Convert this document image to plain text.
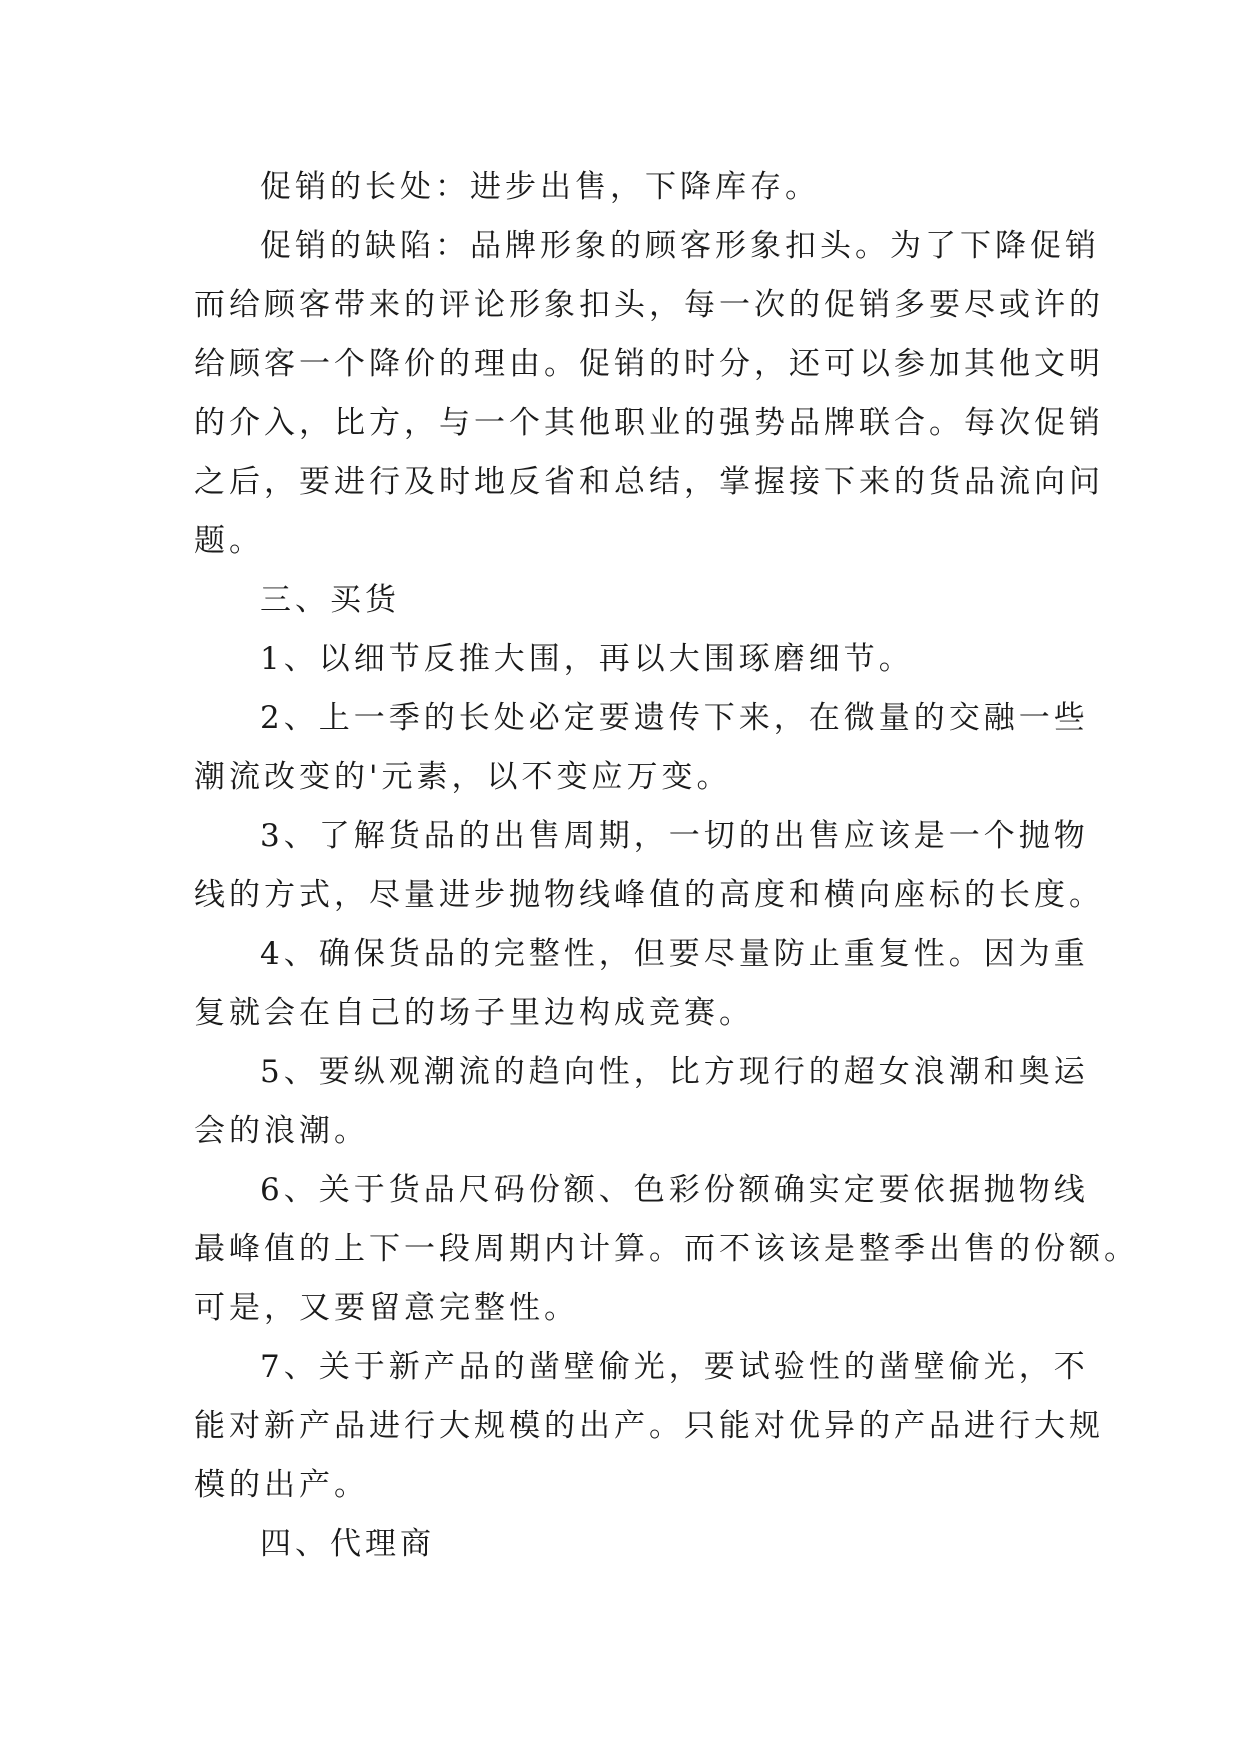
促销的长处：进步出售，下降库存。
促销的缺陷：品牌形象的顾客形象扣头。为了下降促销
而给顾客带来的评论形象扣头，每一次的促销多要尽或许的
给顾客一个降价的理由。促销的时分，还可以参加其他文明
的介入，比方，与一个其他职业的强势品牌联合。每次促销
之后，要进行及时地反省和总结，掌握接下来的货品流向问
题。
三、买货
1、以细节反推大围，再以大围琢磨细节。
2、上一季的长处必定要遗传下来，在微量的交融一些
潮流改变的'元素，以不变应万变。
3、了解货品的出售周期，一切的出售应该是一个抛物
线的方式，尽量进步抛物线峰值的高度和横向座标的长度。
4、确保货品的完整性，但要尽量防止重复性。因为重
复就会在自己的场子里边构成竞赛。
5、要纵观潮流的趋向性，比方现行的超女浪潮和奥运
会的浪潮。
6、关于货品尺码份额、色彩份额确实定要依据抛物线
最峰值的上下一段周期内计算。而不该该是整季出售的份额。
可是，又要留意完整性。
7、关于新产品的凿壁偷光，要试验性的凿壁偷光，不
能对新产品进行大规模的出产。只能对优异的产品进行大规
模的出产。
四、代理商
